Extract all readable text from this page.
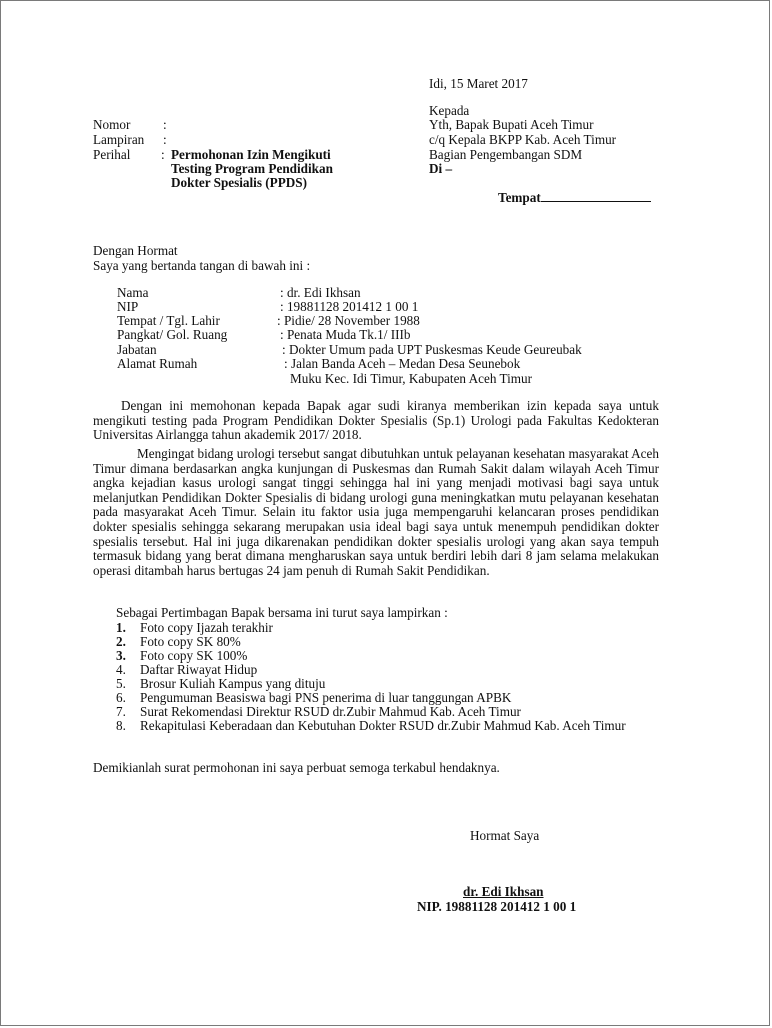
Idi, 15 Maret 2017
Kepada
Yth, Bapak Bupati Aceh Timur
c/q Kepala BKPP Kab. Aceh Timur
Bagian Pengembangan SDM
Di –
Tempat
Nomor :
Lampiran :
Perihal : Permohonan Izin Mengikuti
Testing Program Pendidikan
Dokter Spesialis (PPDS)
Dengan Hormat
Saya yang bertanda tangan di bawah ini :
Nama	: dr. Edi Ikhsan
NIP	: 19881128 201412 1 00 1
Tempat / Tgl. Lahir	: Pidie/ 28 November 1988
Pangkat/ Gol. Ruang	: Penata Muda Tk.1/ IIIb
Jabatan	: Dokter Umum pada UPT Puskesmas Keude Geureubak
Alamat Rumah	: Jalan Banda Aceh – Medan Desa Seunebok
Muku Kec. Idi Timur, Kabupaten Aceh Timur
Dengan ini memohonan kepada Bapak agar sudi kiranya memberikan izin kepada saya untuk mengikuti testing pada Program Pendidikan Dokter Spesialis (Sp.1) Urologi pada Fakultas Kedokteran Universitas Airlangga tahun akademik 2017/ 2018.
Mengingat bidang urologi tersebut sangat dibutuhkan untuk pelayanan kesehatan masyarakat Aceh Timur dimana berdasarkan angka kunjungan di Puskesmas dan Rumah Sakit dalam wilayah Aceh Timur angka kejadian kasus urologi sangat tinggi sehingga hal ini yang menjadi motivasi bagi saya untuk melanjutkan Pendidikan Dokter Spesialis di bidang urologi guna meningkatkan mutu pelayanan kesehatan pada masyarakat Aceh Timur. Selain itu faktor usia juga mempengaruhi kelancaran proses pendidikan dokter spesialis sehingga sekarang merupakan usia ideal bagi saya untuk menempuh pendidikan dokter spesialis tersebut. Hal ini juga dikarenakan pendidikan dokter spesialis urologi yang akan saya tempuh termasuk bidang yang berat dimana mengharuskan saya untuk berdiri lebih dari 8 jam selama melakukan operasi ditambah harus bertugas 24 jam penuh di Rumah Sakit Pendidikan.
Sebagai Pertimbagan Bapak bersama ini turut saya lampirkan :
1. Foto copy Ijazah terakhir
2. Foto copy SK 80%
3. Foto copy SK 100%
4. Daftar Riwayat Hidup
5. Brosur Kuliah Kampus yang dituju
6. Pengumuman Beasiswa bagi PNS penerima di luar tanggungan APBK
7. Surat Rekomendasi Direktur RSUD dr.Zubir Mahmud Kab. Aceh Timur
8. Rekapitulasi Keberadaan dan Kebutuhan Dokter RSUD dr.Zubir Mahmud Kab. Aceh Timur
Demikianlah surat permohonan ini saya perbuat semoga terkabul hendaknya.
Hormat Saya
dr. Edi Ikhsan
NIP. 19881128 201412 1 00 1
